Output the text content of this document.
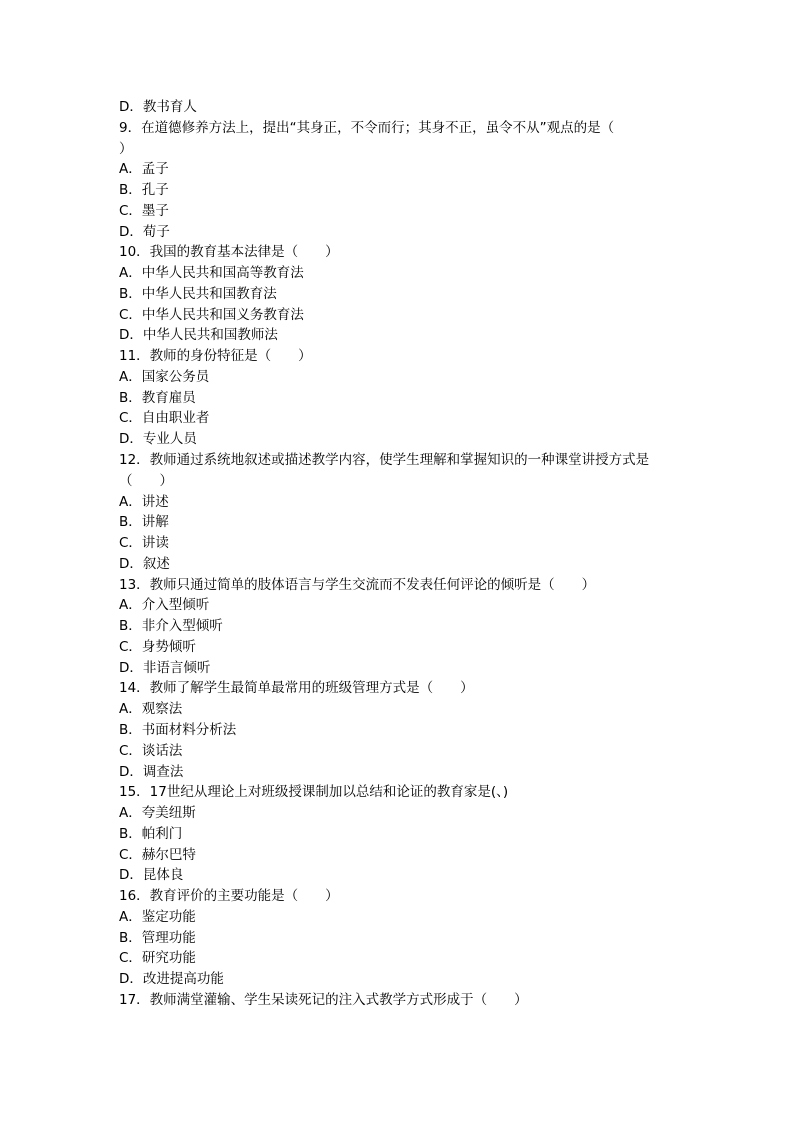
D．教书育人
9．在道德修养方法上，提出“其身正，不令而行；其身不正，虽令不从”观点的是（
）
A．孟子
B．孔子
C．墨子
D．荀子
10．我国的教育基本法律是（　　）
A．中华人民共和国高等教育法
B．中华人民共和国教育法
C．中华人民共和国义务教育法
D．中华人民共和国教师法
11．教师的身份特征是（　　）
A．国家公务员
B．教育雇员
C．自由职业者
D．专业人员
12．教师通过系统地叙述或描述教学内容，使学生理解和掌握知识的一种课堂讲授方式是
（　　）
A．讲述
B．讲解
C．讲读
D．叙述
13．教师只通过简单的肢体语言与学生交流而不发表任何评论的倾听是（　　）
A．介入型倾听
B．非介入型倾听
C．身势倾听
D．非语言倾听
14．教师了解学生最简单最常用的班级管理方式是（　　）
A．观察法
B．书面材料分析法
C．谈话法
D．调查法
15．17世纪从理论上对班级授课制加以总结和论证的教育家是(、)
A．夸美纽斯
B．帕利门
C．赫尔巴特
D．昆体良
16．教育评价的主要功能是（　　）
A．鉴定功能
B．管理功能
C．研究功能
D．改进提高功能
17．教师满堂灌输、学生呆读死记的注入式教学方式形成于（　　）
